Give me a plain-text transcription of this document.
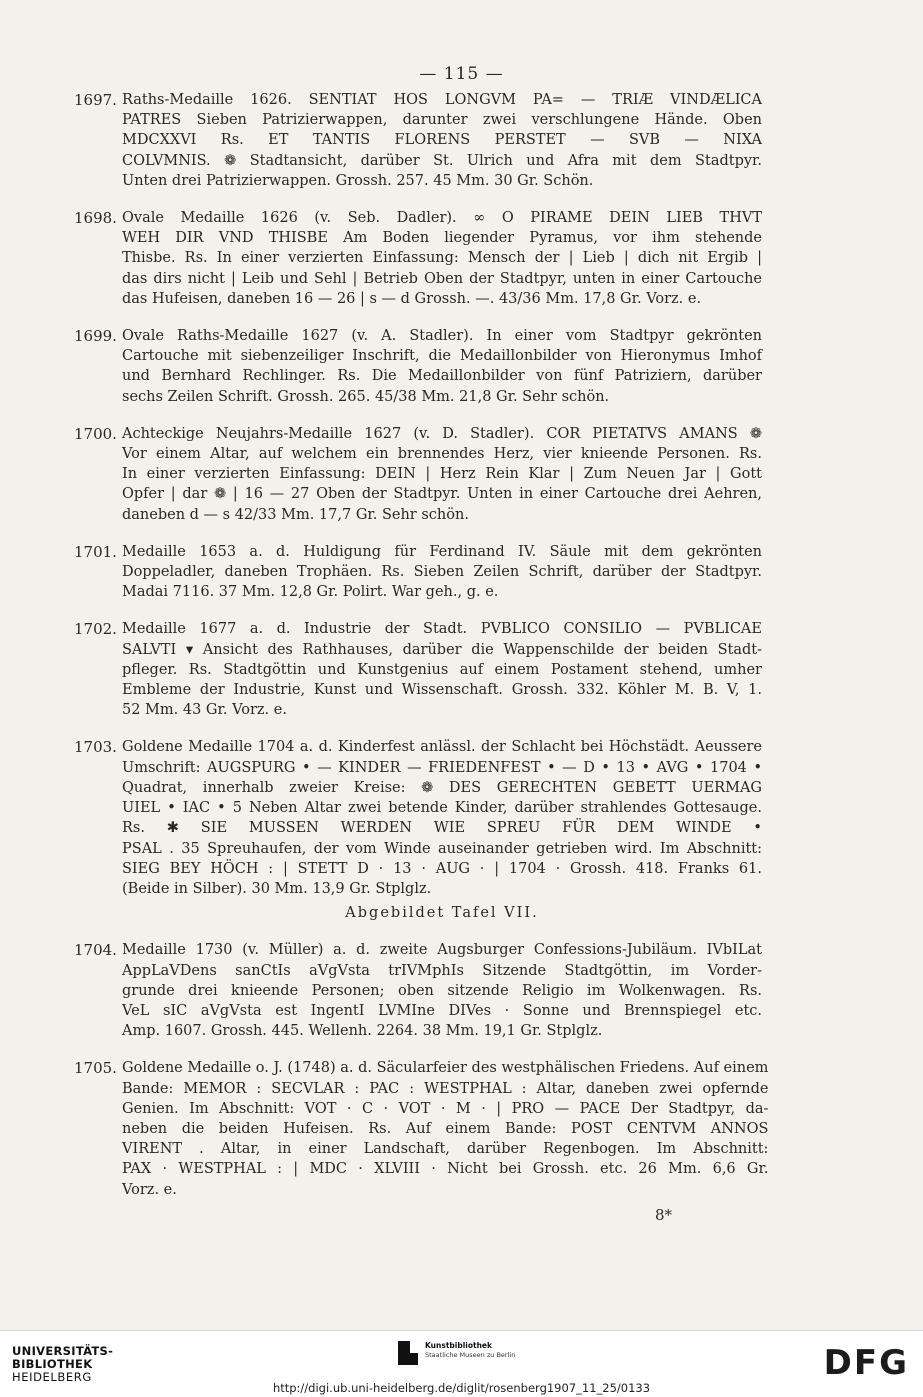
— 115 —
1697. Raths-Medaille 1626. SENTIAT HOS LONGVM PA= — TRIÆ VINDÆLICA
PATRES Sieben Patrizierwappen, darunter zwei verschlungene Hände. Oben
MDCXXVI Rs. ET TANTIS FLORENS PERSTET — SVB — NIXA
COLVMNIS. ❁ Stadtansicht, darüber St. Ulrich und Afra mit dem Stadtpyr.
Unten drei Patrizierwappen. Grossh. 257. 45 Mm. 30 Gr. Schön.
1698. Ovale Medaille 1626 (v. Seb. Dadler). ∞ O PIRAME DEIN LIEB THVT
WEH DIR VND THISBE Am Boden liegender Pyramus, vor ihm stehende
Thisbe. Rs. In einer verzierten Einfassung: Mensch der | Lieb | dich nit Ergib |
das dirs nicht | Leib und Sehl | Betrieb Oben der Stadtpyr, unten in einer Cartouche
das Hufeisen, daneben 16 — 26 | s — d Grossh. —. 43/36 Mm. 17,8 Gr. Vorz. e.
1699. Ovale Raths-Medaille 1627 (v. A. Stadler). In einer vom Stadtpyr gekrönten
Cartouche mit siebenzeiliger Inschrift, die Medaillonbilder von Hieronymus Imhof
und Bernhard Rechlinger. Rs. Die Medaillonbilder von fünf Patriziern, darüber
sechs Zeilen Schrift. Grossh. 265. 45/38 Mm. 21,8 Gr. Sehr schön.
1700. Achteckige Neujahrs-Medaille 1627 (v. D. Stadler). COR PIETATVS AMANS ❁
Vor einem Altar, auf welchem ein brennendes Herz, vier knieende Personen. Rs.
In einer verzierten Einfassung: DEIN | Herz Rein Klar | Zum Neuen Jar | Gott
Opfer | dar ❁ | 16 — 27 Oben der Stadtpyr. Unten in einer Cartouche drei Aehren,
daneben d — s 42/33 Mm. 17,7 Gr. Sehr schön.
1701. Medaille 1653 a. d. Huldigung für Ferdinand IV. Säule mit dem gekrönten
Doppeladler, daneben Trophäen. Rs. Sieben Zeilen Schrift, darüber der Stadtpyr.
Madai 7116. 37 Mm. 12,8 Gr. Polirt. War geh., g. e.
1702. Medaille 1677 a. d. Industrie der Stadt. PVBLICO CONSILIO — PVBLICAE
SALVTI ▾ Ansicht des Rathhauses, darüber die Wappenschilde der beiden Stadt-
pfleger. Rs. Stadtgöttin und Kunstgenius auf einem Postament stehend, umher
Embleme der Industrie, Kunst und Wissenschaft. Grossh. 332. Köhler M. B. V, 1.
52 Mm. 43 Gr. Vorz. e.
1703. Goldene Medaille 1704 a. d. Kinderfest anlässl. der Schlacht bei Höchstädt. Aeussere
Umschrift: AUGSPURG • — KINDER — FRIEDENFEST • — D • 13 • AVG • 1704 •
Quadrat, innerhalb zweier Kreise: ❁ DES GERECHTEN GEBETT UERMAG
UIEL • IAC • 5 Neben Altar zwei betende Kinder, darüber strahlendes Gottesauge.
Rs. ✱ SIE MUSSEN WERDEN WIE SPREU FÜR DEM WINDE •
PSAL . 35 Spreuhaufen, der vom Winde auseinander getrieben wird. Im Abschnitt:
SIEG BEY HÖCH : | STETT D · 13 · AUG · | 1704 · Grossh. 418. Franks 61.
(Beide in Silber). 30 Mm. 13,9 Gr. Stplglz.
Abgebildet Tafel VII.
1704. Medaille 1730 (v. Müller) a. d. zweite Augsburger Confessions-Jubiläum. IVbILat
AppLaVDens sanCtIs aVgVsta trIVMphIs Sitzende Stadtgöttin, im Vorder-
grunde drei knieende Personen; oben sitzende Religio im Wolkenwagen. Rs.
VeL sIC aVgVsta est IngentI LVMIne DIVes · Sonne und Brennspiegel etc.
Amp. 1607. Grossh. 445. Wellenh. 2264. 38 Mm. 19,1 Gr. Stplglz.
1705. Goldene Medaille o. J. (1748) a. d. Säcularfeier des westphälischen Friedens. Auf einem
Bande: MEMOR : SECVLAR : PAC : WESTPHAL : Altar, daneben zwei opfernde
Genien. Im Abschnitt: VOT · C · VOT · M · | PRO — PACE Der Stadtpyr, da-
neben die beiden Hufeisen. Rs. Auf einem Bande: POST CENTVM ANNOS
VIRENT . Altar, in einer Landschaft, darüber Regenbogen. Im Abschnitt:
PAX · WESTPHAL : | MDC · XLVIII · Nicht bei Grossh. etc. 26 Mm. 6,6 Gr.
Vorz. e.
8*
UNIVERSITÄTS-
BIBLIOTHEK
HEIDELBERG
Kunstbibliothek
Staatliche Museen zu Berlin	DFG
http://digi.ub.uni-heidelberg.de/diglit/rosenberg1907_11_25/0133
